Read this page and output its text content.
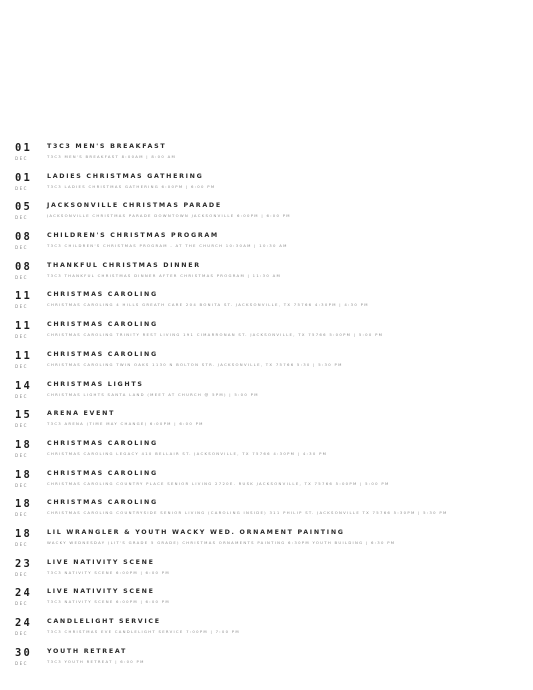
01
DEC
T3C3 MEN'S BREAKFAST
T3C3 MEN'S BREAKFAST 8:00AM | 8:00 AM
01
DEC
LADIES CHRISTMAS GATHERING
T3C3 LADIES CHRISTMAS GATHERING 6:00PM | 6:00 PM
05
DEC
JACKSONVILLE CHRISTMAS PARADE
JACKSONVILLE CHRISTMAS PARADE DOWNTOWN JACKSONVILLE 6:00PM | 6:00 PM
08
DEC
CHILDREN'S CHRISTMAS PROGRAM
T3C3 CHILDREN'S CHRISTMAS PROGRAM - AT THE CHURCH 10:30AM | 10:30 AM
08
DEC
THANKFUL CHRISTMAS DINNER
T3C3 THANKFUL CHRISTMAS DINNER AFTER CHRISTMAS PROGRAM | 11:30 AM
11
DEC
CHRISTMAS CAROLING
CHRISTMAS CAROLING 4 HILLS GREATH CARE 204 BONITA ST. JACKSONVILLE, TX 75766 4:30PM | 4:30 PM
11
DEC
CHRISTMAS CAROLING
CHRISTMAS CAROLING TRINITY REST LIVING 191 CIMARRONAN ST. JACKSONVILLE, TX 75766 5:00PM | 5:00 PM
11
DEC
CHRISTMAS CAROLING
CHRISTMAS CAROLING TWIN OAKS 1130 N BOLTON STR. JACKSONVILLE, TX 75766 5:30 | 5:30 PM
14
DEC
CHRISTMAS LIGHTS
CHRISTMAS LIGHTS SANTA LAND (MEET AT CHURCH @ 5PM) | 5:00 PM
15
DEC
ARENA EVENT
T3C3 ARENA (TIME MAY CHANGE) 6:00PM | 6:00 PM
18
DEC
CHRISTMAS CAROLING
CHRISTMAS CAROLING LEGACY 410 BELLAIR ST. JACKSONVILLE, TX 75766 4:30PM | 4:30 PM
18
DEC
CHRISTMAS CAROLING
CHRISTMAS CAROLING COUNTRY PLACE SENIOR LIVING 2720E. RUSK JACKSONVILLE, TX 75766 5:00PM | 5:00 PM
18
DEC
CHRISTMAS CAROLING
CHRISTMAS CAROLING COUNTRYSIDE SENIOR LIVING (CAROLING INSIDE) 311 PHILIP ST. JACKSONVILLE TX 75766 5:30PM | 5:30 PM
18
DEC
LIL WRANGLER & YOUTH WACKY WED. ORNAMENT PAINTING
WACKY WEDNESDAY (LIT'S GRADE 5 GRADE) CHRISTMAS ORNAMENTS PAINTING 6:30PM YOUTH BUILDING | 6:30 PM
23
DEC
LIVE NATIVITY SCENE
T3C3 NATIVITY SCENE 6:00PM | 6:00 PM
24
DEC
LIVE NATIVITY SCENE
T3C3 NATIVITY SCENE 6:00PM | 6:00 PM
24
DEC
CANDLELIGHT SERVICE
T3C3 CHRISTMAS EVE CANDLELIGHT SERVICE 7:00PM | 7:00 PM
30
DEC
YOUTH RETREAT
T3C3 YOUTH RETREAT | 6:00 PM
